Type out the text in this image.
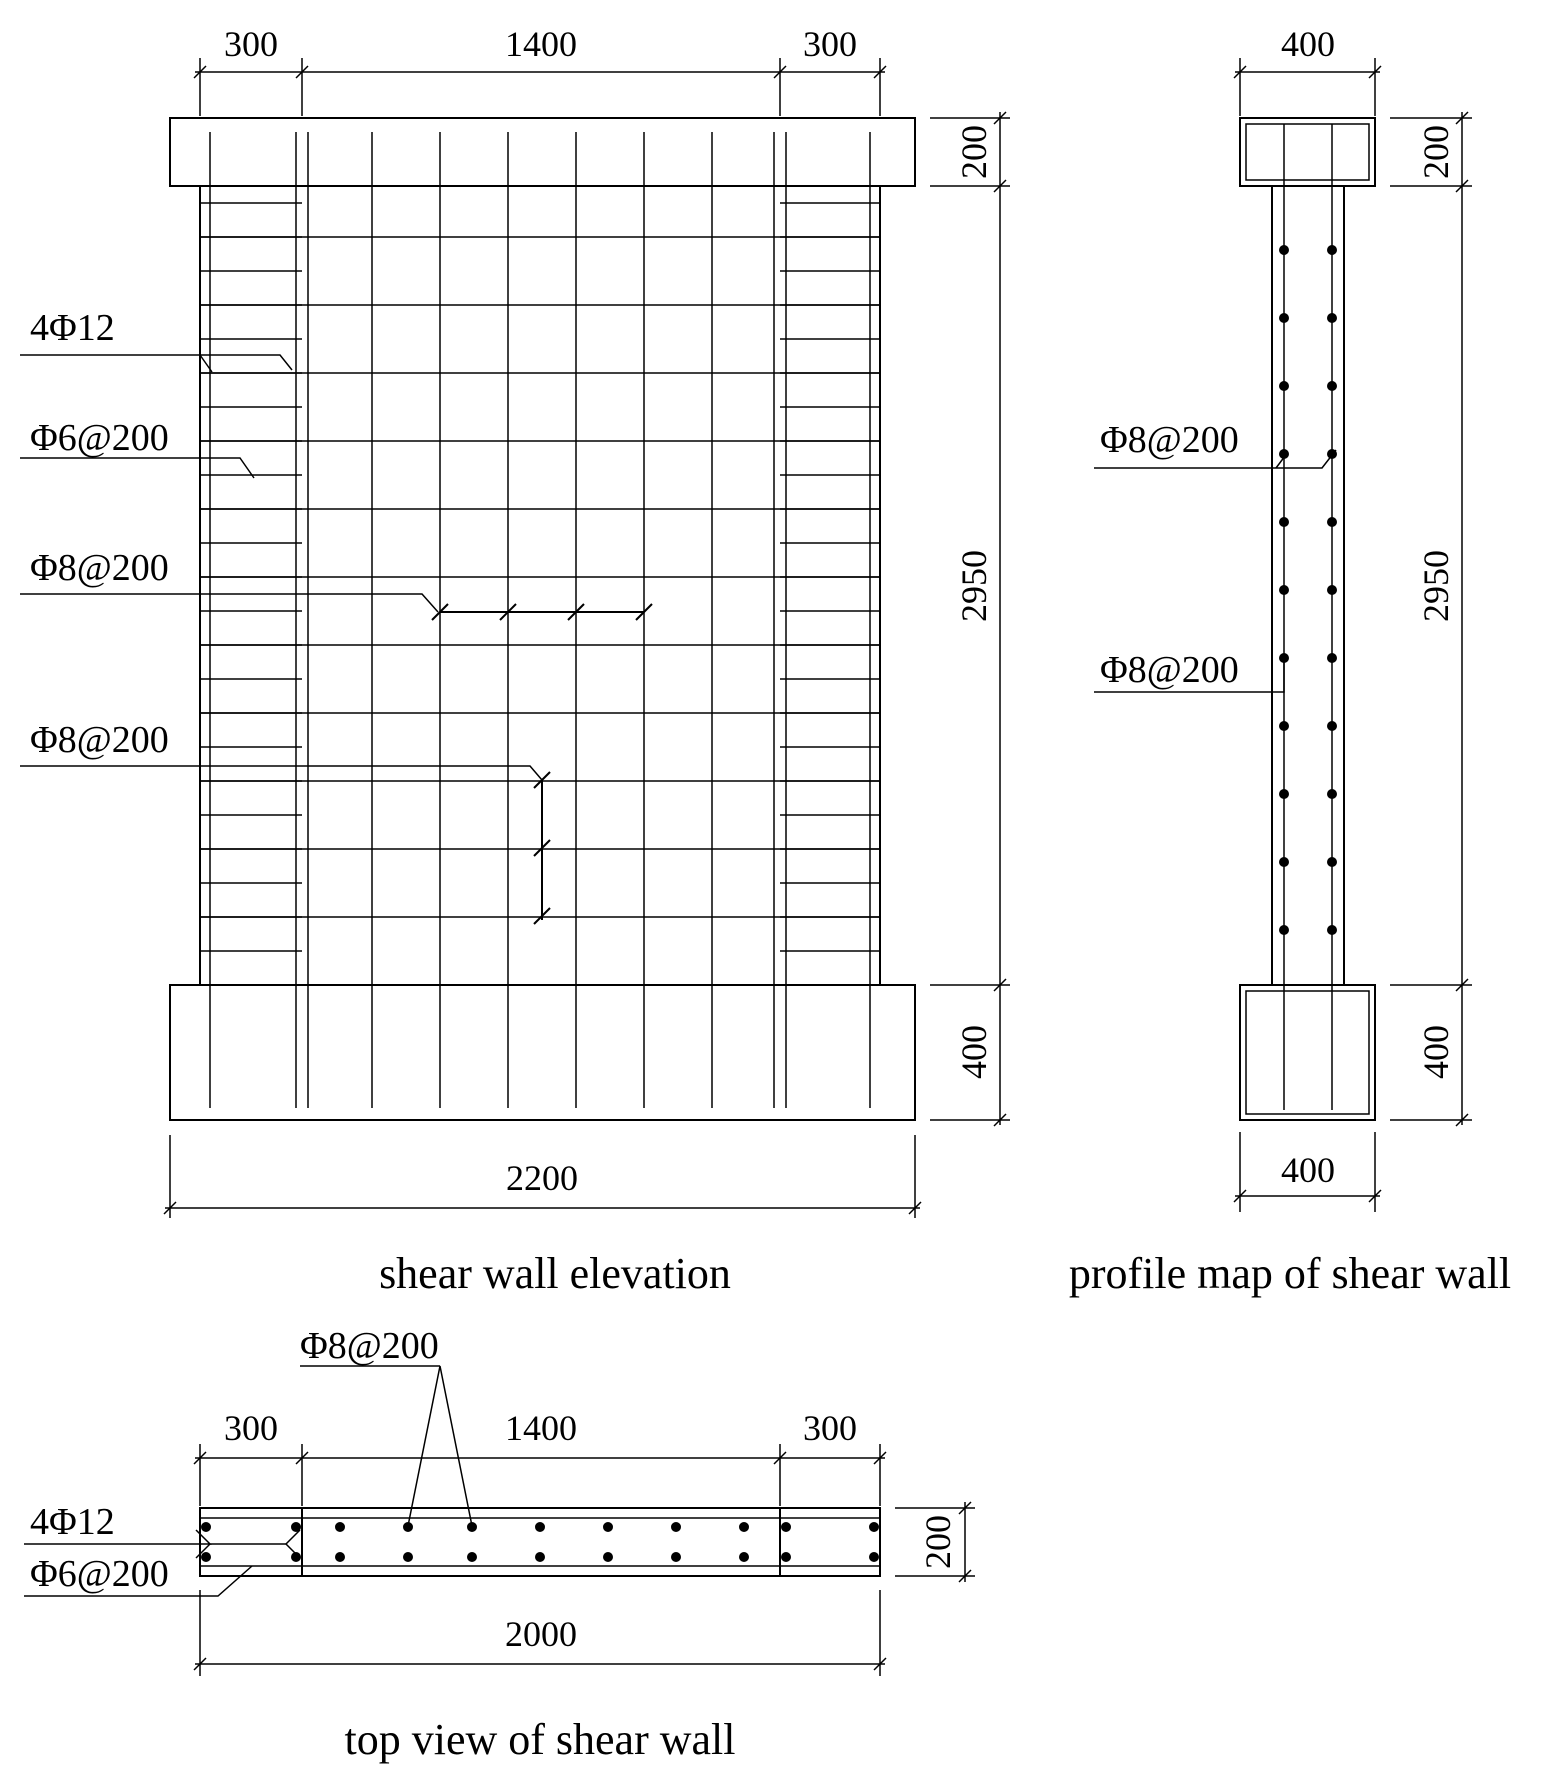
300	1400	300
200
2950
400
2200
4Φ12
Φ6@200
Φ8@200
Φ8@200
shear wall elevation
400
200
2950
400
400
Φ8@200
Φ8@200
profile map of shear wall
Φ8@200
300	1400	300
200
2000
4Φ12
Φ6@200
top view of shear wall
